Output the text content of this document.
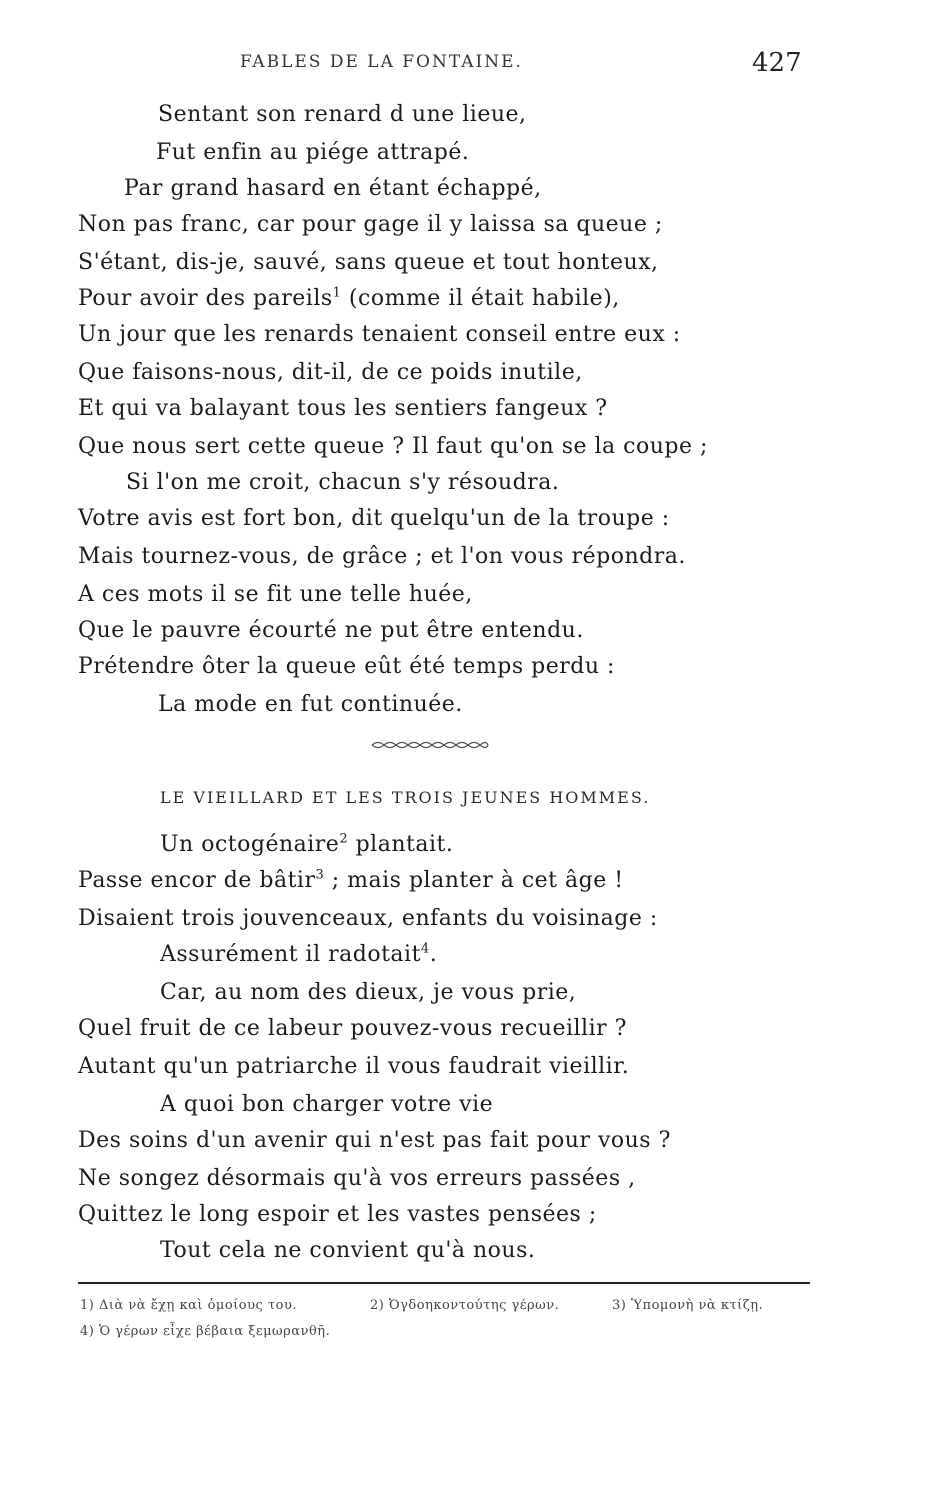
FABLES DE LA FONTAINE.	427
Sentant son renard d une lieue,
Fut enfin au piége attrapé.
Par grand hasard en étant échappé,
Non pas franc, car pour gage il y laissa sa queue ;
S'étant, dis-je, sauvé, sans queue et tout honteux,
Pour avoir des pareils$^1$ (comme il était habile),
Un jour que les renards tenaient conseil entre eux :
Que faisons-nous, dit-il, de ce poids inutile,
Et qui va balayant tous les sentiers fangeux ?
Que nous sert cette queue ? Il faut qu'on se la coupe ;
Si l'on me croit, chacun s'y résoudra.
Votre avis est fort bon, dit quelqu'un de la troupe :
Mais tournez-vous, de grâce ; et l'on vous répondra.
A ces mots il se fit une telle huée,
Que le pauvre écourté ne put être entendu.
Prétendre ôter la queue eût été temps perdu :
La mode en fut continuée.
LE VIEILLARD ET LES TROIS JEUNES HOMMES.
Un octogénaire$^2$ plantait.
Passe encor de bâtir$^3$ ; mais planter à cet âge !
Disaient trois jouvenceaux, enfants du voisinage :
Assurément il radotait$^4$.
Car, au nom des dieux, je vous prie,
Quel fruit de ce labeur pouvez-vous recueillir ?
Autant qu'un patriarche il vous faudrait vieillir.
A quoi bon charger votre vie
Des soins d'un avenir qui n'est pas fait pour vous ?
Ne songez désormais qu'à vos erreurs passées ,
Quittez le long espoir et les vastes pensées ;
Tout cela ne convient qu'à nous.
1) Διὰ νὰ ἔχῃ καὶ ὁμοίους του.	2) Ὀγδοηκοντούτης γέρων.	3) Ὑπομονὴ νὰ κτίζῃ.
4) Ὁ γέρων εἶχε βέβαια ξεμωρανθῆ.
